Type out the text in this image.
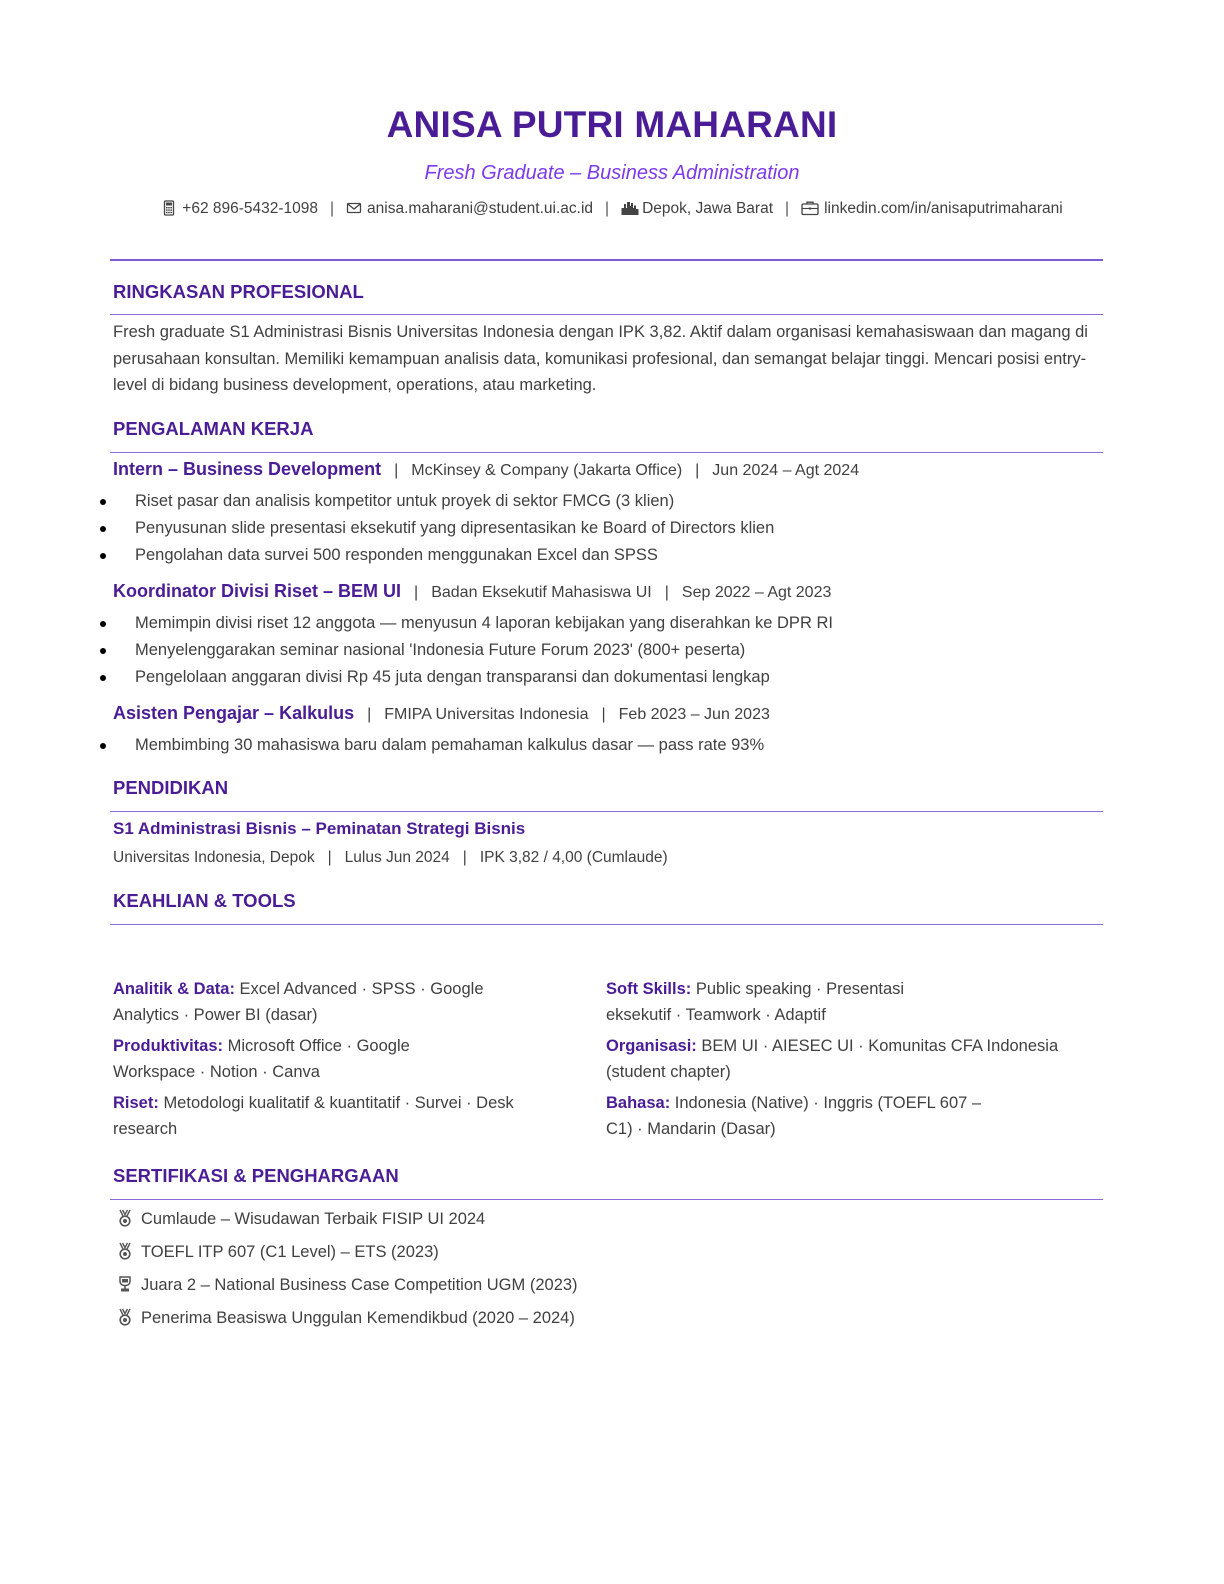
ANISA PUTRI MAHARANI
Fresh Graduate – Business Administration
+62 896-5432-1098 | anisa.maharani@student.ui.ac.id | Depok, Jawa Barat | linkedin.com/in/anisaputrimaharani
RINGKASAN PROFESIONAL
Fresh graduate S1 Administrasi Bisnis Universitas Indonesia dengan IPK 3,82. Aktif dalam organisasi kemahasiswaan dan magang di perusahaan konsultan. Memiliki kemampuan analisis data, komunikasi profesional, dan semangat belajar tinggi. Mencari posisi entry-level di bidang business development, operations, atau marketing.
PENGALAMAN KERJA
Intern – Business Development | McKinsey & Company (Jakarta Office) | Jun 2024 – Agt 2024
Riset pasar dan analisis kompetitor untuk proyek di sektor FMCG (3 klien)
Penyusunan slide presentasi eksekutif yang dipresentasikan ke Board of Directors klien
Pengolahan data survei 500 responden menggunakan Excel dan SPSS
Koordinator Divisi Riset – BEM UI | Badan Eksekutif Mahasiswa UI | Sep 2022 – Agt 2023
Memimpin divisi riset 12 anggota — menyusun 4 laporan kebijakan yang diserahkan ke DPR RI
Menyelenggarakan seminar nasional 'Indonesia Future Forum 2023' (800+ peserta)
Pengelolaan anggaran divisi Rp 45 juta dengan transparansi dan dokumentasi lengkap
Asisten Pengajar – Kalkulus | FMIPA Universitas Indonesia | Feb 2023 – Jun 2023
Membimbing 30 mahasiswa baru dalam pemahaman kalkulus dasar — pass rate 93%
PENDIDIKAN
S1 Administrasi Bisnis – Peminatan Strategi Bisnis
Universitas Indonesia, Depok | Lulus Jun 2024 | IPK 3,82 / 4,00 (Cumlaude)
KEAHLIAN & TOOLS
Analitik & Data: Excel Advanced · SPSS · Google
Analytics · Power BI (dasar)
Produktivitas: Microsoft Office · Google
Workspace · Notion · Canva
Riset: Metodologi kualitatif & kuantitatif · Survei · Desk
research
Soft Skills: Public speaking · Presentasi
eksekutif · Teamwork · Adaptif
Organisasi: BEM UI · AIESEC UI · Komunitas CFA Indonesia
(student chapter)
Bahasa: Indonesia (Native) · Inggris (TOEFL 607 –
C1) · Mandarin (Dasar)
SERTIFIKASI & PENGHARGAAN
Cumlaude – Wisudawan Terbaik FISIP UI 2024
TOEFL ITP 607 (C1 Level) – ETS (2023)
Juara 2 – National Business Case Competition UGM (2023)
Penerima Beasiswa Unggulan Kemendikbud (2020 – 2024)
